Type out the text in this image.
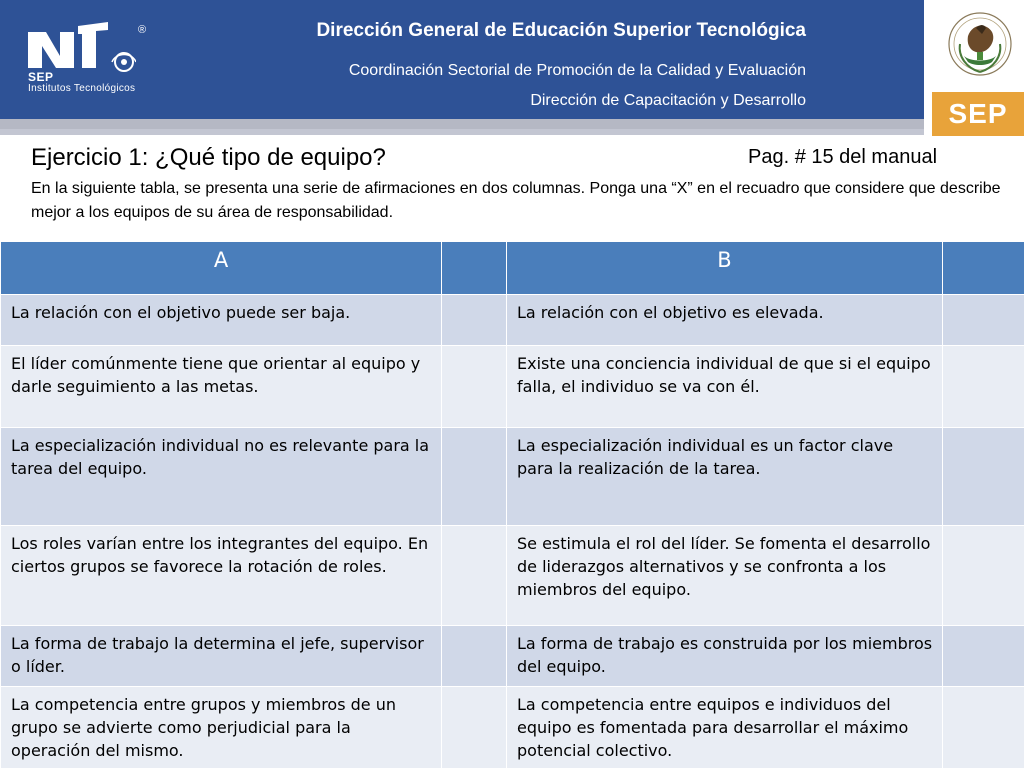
®
SEP
Institutos Tecnológicos
Dirección General de Educación Superior Tecnológica
Coordinación Sectorial de Promoción de la Calidad y Evaluación
Dirección de Capacitación y Desarrollo	SEP
Ejercicio 1: ¿Qué tipo de equipo?	Pag. # 15 del manual
En la siguiente tabla, se presenta una serie de afirmaciones en dos columnas. Ponga una “X” en el recuadro que considere que describe mejor a los equipos de su área de responsabilidad.
A		B	
La relación con el objetivo puede ser baja.		La relación con el objetivo es elevada.	
El líder comúnmente tiene que orientar al equipo y darle seguimiento a las metas.		Existe una conciencia individual de que si el equipo falla, el individuo se va con él.	
La especialización individual no es relevante para la tarea del equipo.		La especialización individual es un factor clave para la realización de la tarea.	
Los roles varían entre los integrantes del equipo. En ciertos grupos se favorece la rotación de roles.		Se estimula el rol del líder. Se fomenta el desarrollo de liderazgos alternativos y se confronta a los miembros del equipo.	
La forma de trabajo la determina el jefe, supervisor o líder.		La forma de trabajo es construida por los miembros del equipo.	
La competencia entre grupos y miembros de un grupo se advierte como perjudicial para la operación del mismo.		La competencia entre equipos e individuos del equipo es fomentada para desarrollar el máximo potencial colectivo.	
